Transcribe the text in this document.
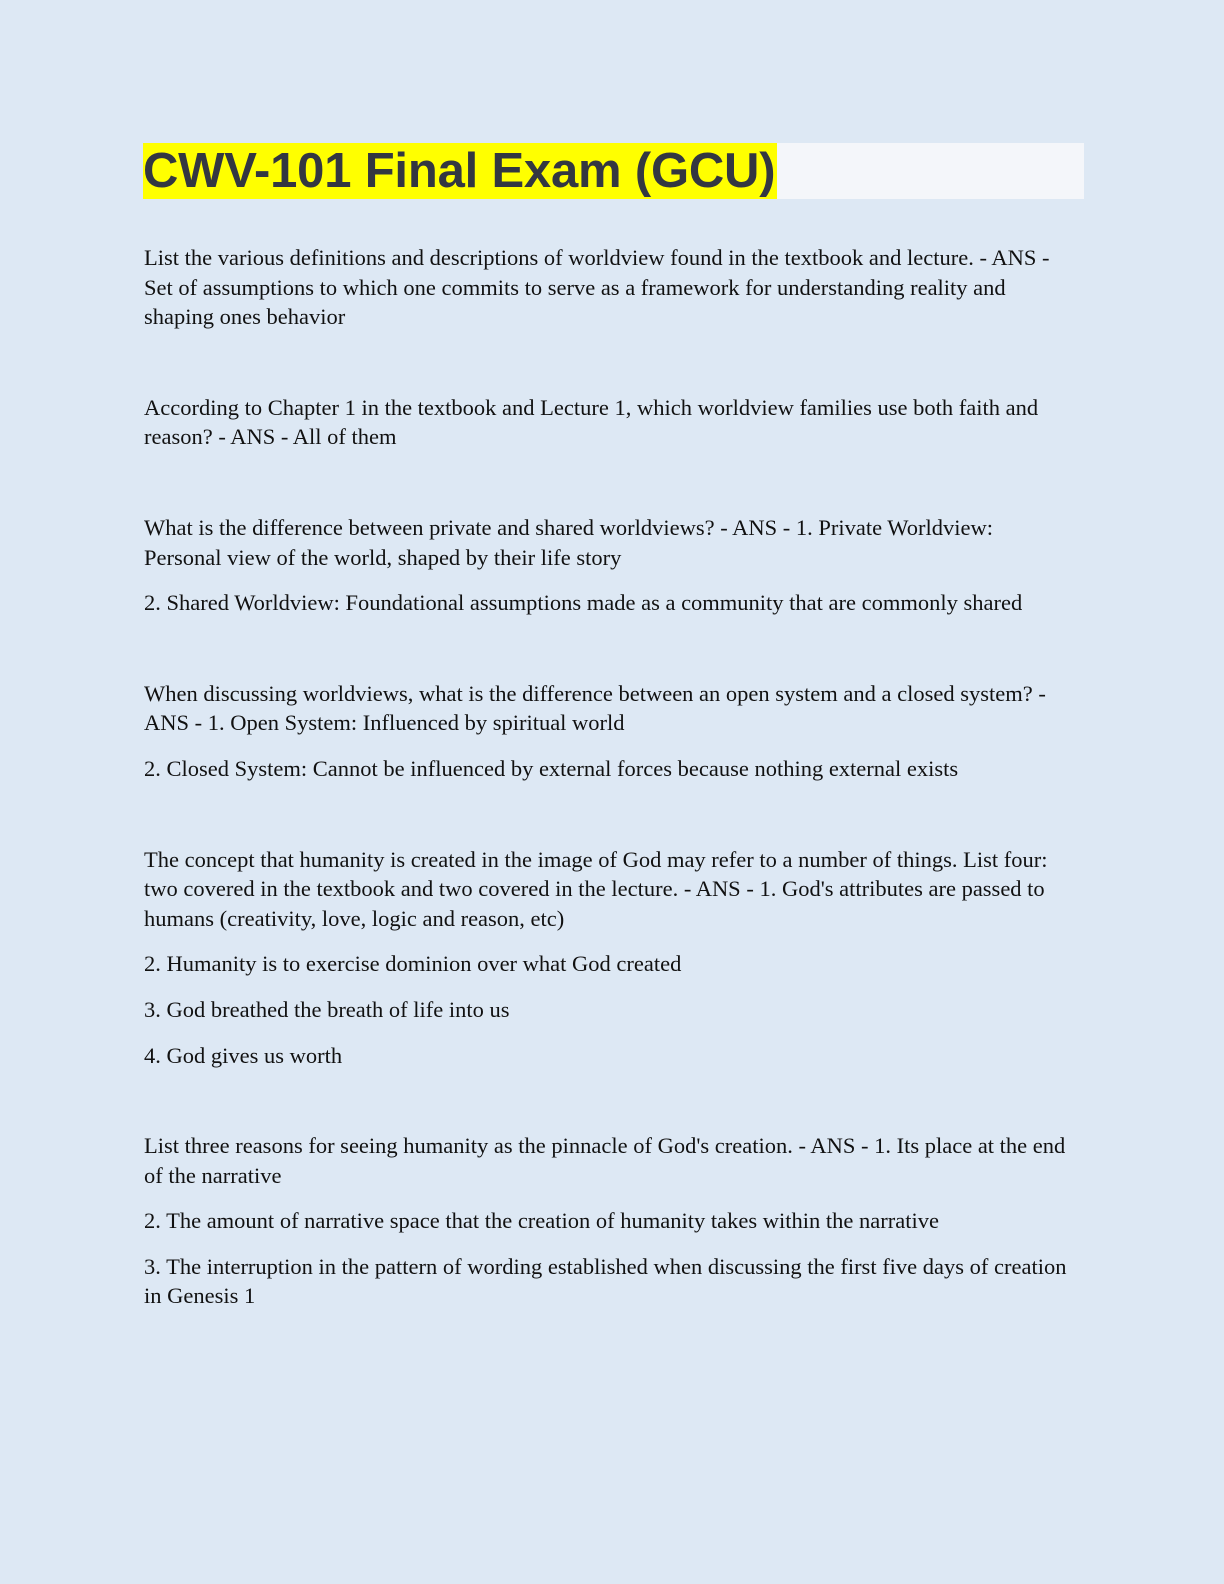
CWV-101 Final Exam (GCU)

List the various definitions and descriptions of worldview found in the textbook and lecture. - ANS - Set of assumptions to which one commits to serve as a framework for understanding reality and shaping ones behavior

According to Chapter 1 in the textbook and Lecture 1, which worldview families use both faith and reason? - ANS - All of them

What is the difference between private and shared worldviews? - ANS - 1. Private Worldview: Personal view of the world, shaped by their life story

2. Shared Worldview: Foundational assumptions made as a community that are commonly shared

When discussing worldviews, what is the difference between an open system and a closed system? - ANS - 1. Open System: Influenced by spiritual world

2. Closed System: Cannot be influenced by external forces because nothing external exists

The concept that humanity is created in the image of God may refer to a number of things. List four: two covered in the textbook and two covered in the lecture. - ANS - 1. God's attributes are passed to humans (creativity, love, logic and reason, etc)

2. Humanity is to exercise dominion over what God created

3. God breathed the breath of life into us

4. God gives us worth

List three reasons for seeing humanity as the pinnacle of God's creation. - ANS - 1. Its place at the end of the narrative

2. The amount of narrative space that the creation of humanity takes within the narrative

3. The interruption in the pattern of wording established when discussing the first five days of creation in Genesis 1
